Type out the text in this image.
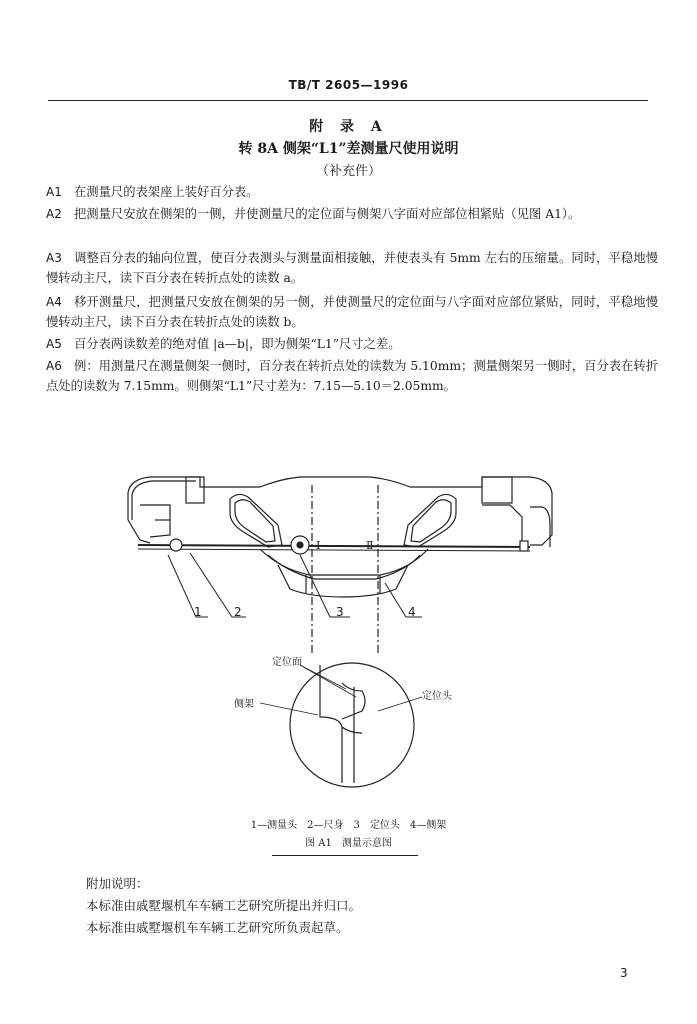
TB/T 2605—1996
附 录 A
转 8A 侧架“L1”差测量尺使用说明
（补充件）
A1 在测量尺的表架座上装好百分表。
A2 把测量尺安放在侧架的一侧，并使测量尺的定位面与侧架八字面对应部位相紧贴（见图 A1）。
A3 调整百分表的轴向位置，使百分表测头与测量面相接触，并使表头有 5mm 左右的压缩量。同时，平稳地慢慢转动主尺，读下百分表在转折点处的读数 a。
A4 移开测量尺，把测量尺安放在侧架的另一侧，并使测量尺的定位面与八字面对应部位紧贴，同时，平稳地慢慢转动主尺，读下百分表在转折点处的读数 b。
A5 百分表两读数差的绝对值 |a—b|，即为侧架“L1”尺寸之差。
A6 例：用测量尺在测量侧架一侧时，百分表在转折点处的读数为 5.10mm；测量侧架另一侧时，百分表在转折点处的读数为 7.15mm。则侧架“L1”尺寸差为：7.15—5.10＝2.05mm。
Ⅰ	Ⅱ
1	2	3	4
定位面
侧架
定位头
1—测量头　2—尺身　3　定位头　4—侧架
图 A1　测量示意图
附加说明：
本标准由戚墅堰机车车辆工艺研究所提出并归口。
本标准由戚墅堰机车车辆工艺研究所负责起草。
3
